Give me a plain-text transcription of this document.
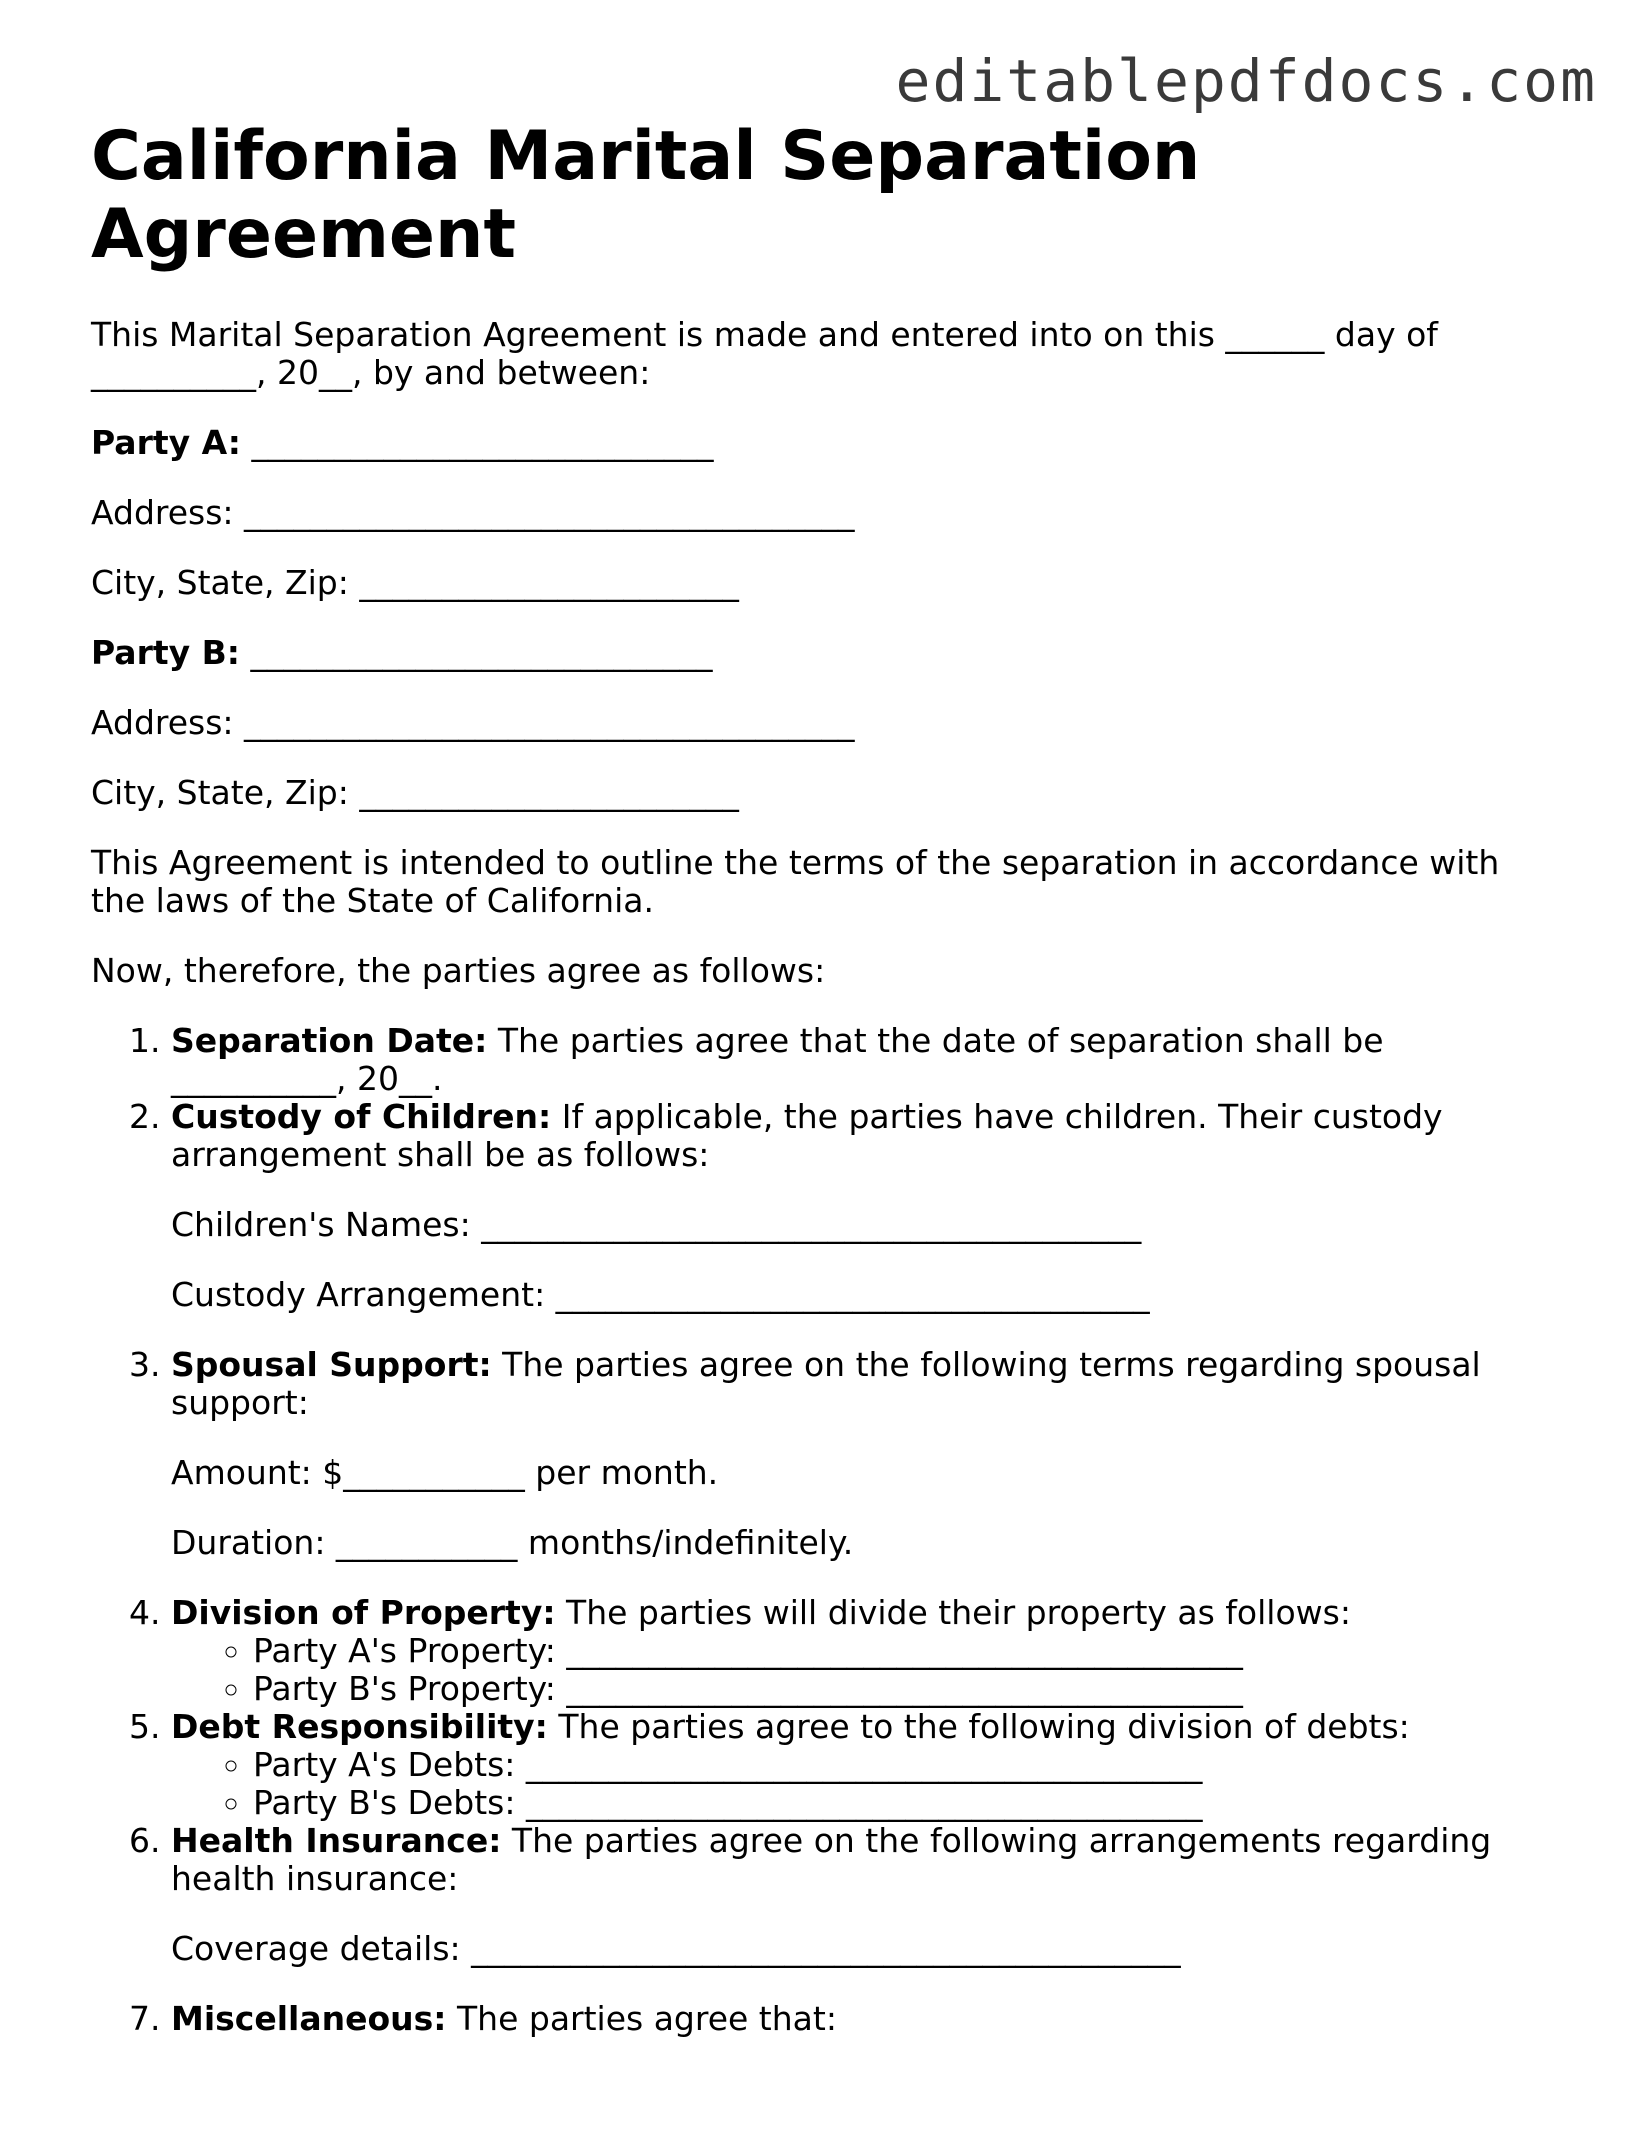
editablepdfdocs.com
California Marital Separation Agreement

This Marital Separation Agreement is made and entered into on this ______ day of __________, 20__, by and between:

Party A: ____________________________

Address: _____________________________________

City, State, Zip: _______________________

Party B: ____________________________

Address: _____________________________________

City, State, Zip: _______________________

This Agreement is intended to outline the terms of the separation in accordance with the laws of the State of California.

Now, therefore, the parties agree as follows:

1. Separation Date: The parties agree that the date of separation shall be __________, 20__.
2. Custody of Children: If applicable, the parties have children. Their custody arrangement shall be as follows:

Children's Names: ________________________________________

Custody Arrangement: ____________________________________

3. Spousal Support: The parties agree on the following terms regarding spousal support:

Amount: $___________ per month.

Duration: ___________ months/indefinitely.

4. Division of Property: The parties will divide their property as follows:
◦ Party A's Property: _________________________________________
◦ Party B's Property: _________________________________________
5. Debt Responsibility: The parties agree to the following division of debts:
◦ Party A's Debts: _________________________________________
◦ Party B's Debts: _________________________________________
6. Health Insurance: The parties agree on the following arrangements regarding health insurance:

Coverage details: ___________________________________________

7. Miscellaneous: The parties agree that:
